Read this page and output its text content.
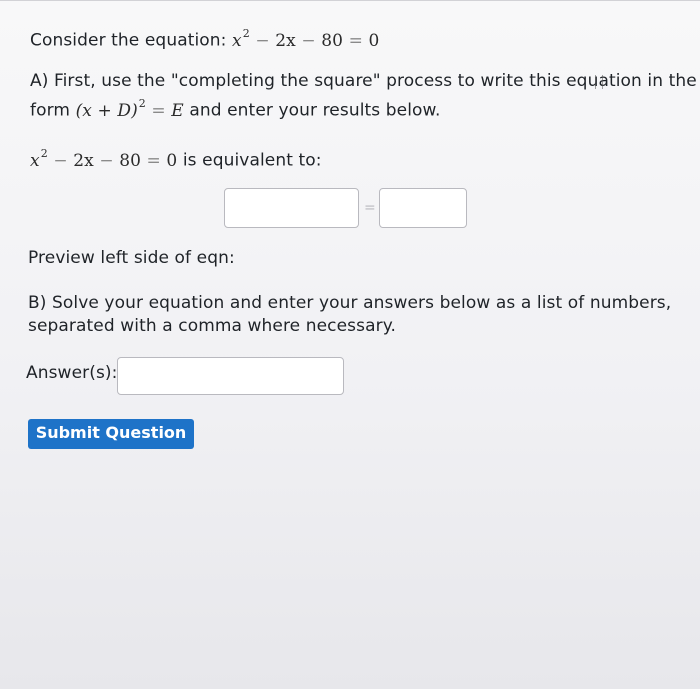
Consider the equation: $x^2 - 2x - 80 = 0$
A) First, use the "completing the square" process to write this equation in the
form $(x + D)^2 = E$ and enter your results below.
$x^2 - 2x - 80 = 0$ is equivalent to:
=
Preview left side of eqn:
B) Solve your equation and enter your answers below as a list of numbers,
separated with a comma where necessary.
Answer(s):
Submit Question
